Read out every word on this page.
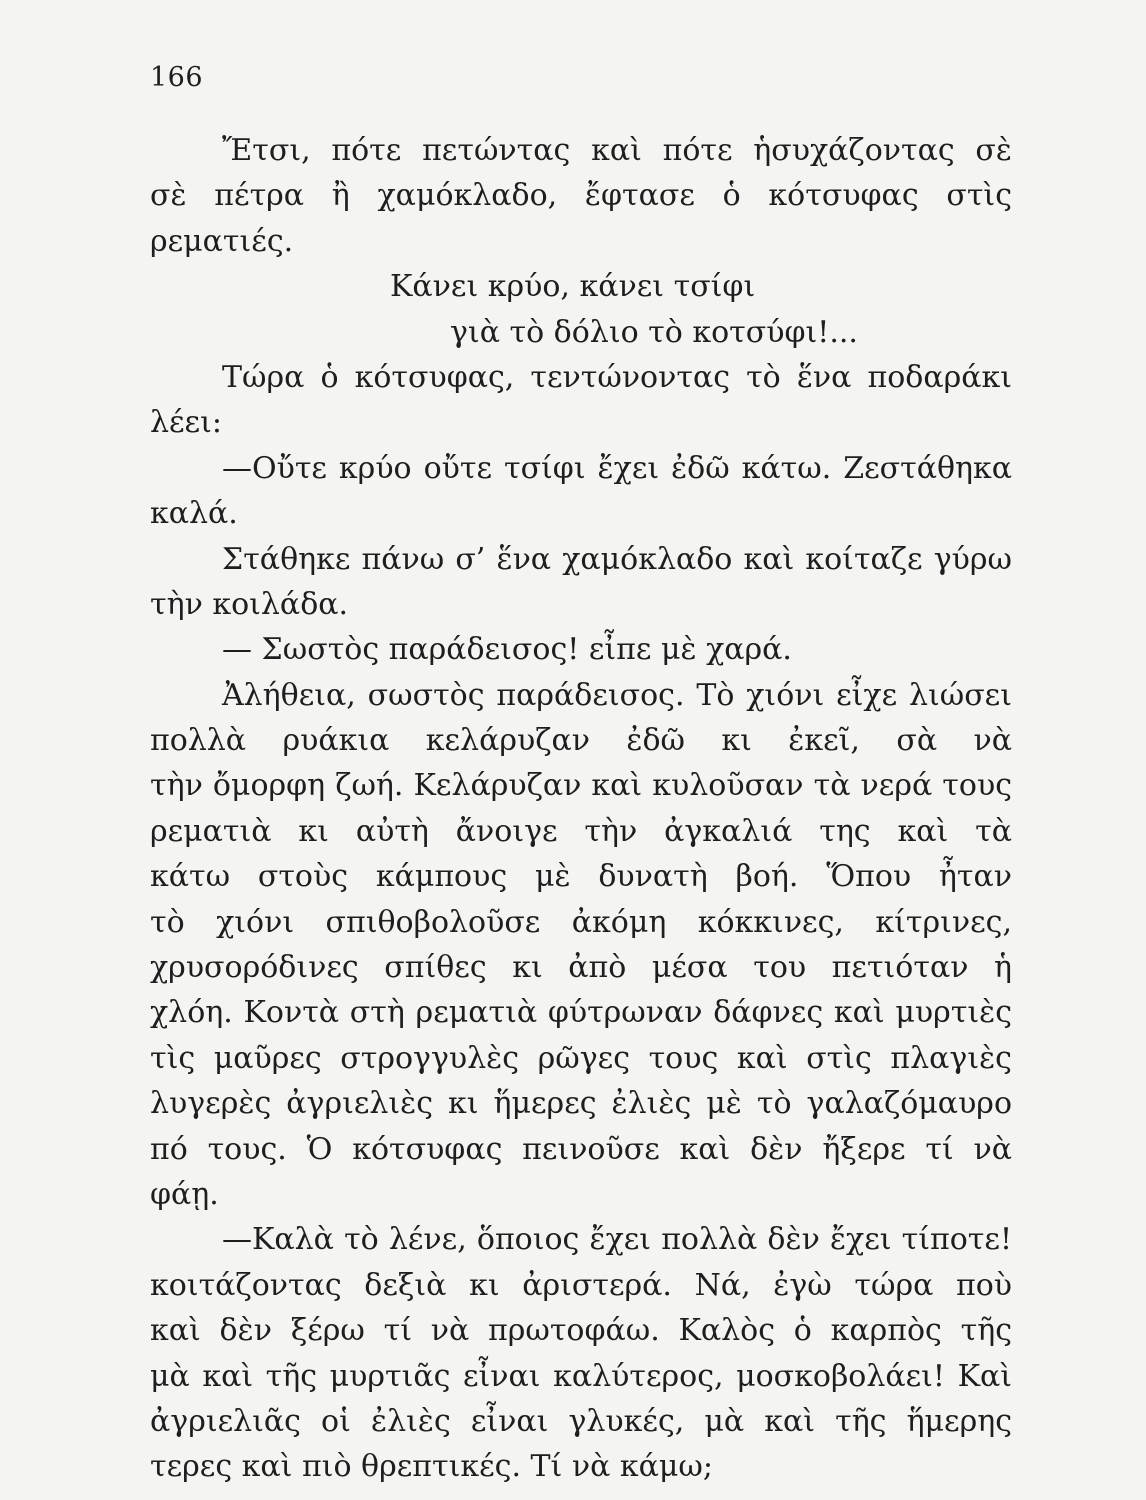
166
Ἔτσι, πότε πετώντας καὶ πότε ἡσυχάζοντας σὲ
σὲ πέτρα ἢ χαμόκλαδο, ἔφτασε ὁ κότσυφας στὶς
ρεματιές.
Κάνει κρύο, κάνει τσίφι
γιὰ τὸ δόλιο τὸ κοτσύφι!...
Τώρα ὁ κότσυφας, τεντώνοντας τὸ ἕνα ποδαράκι
λέει:
—Οὔτε κρύο οὔτε τσίφι ἔχει ἐδῶ κάτω. Ζεστάθηκα
καλά.
Στάθηκε πάνω σ’ ἕνα χαμόκλαδο καὶ κοίταζε γύρω
τὴν κοιλάδα.
— Σωστὸς παράδεισος! εἶπε μὲ χαρά.
Ἀλήθεια, σωστὸς παράδεισος. Τὸ χιόνι εἶχε λιώσει
πολλὰ ρυάκια κελάρυζαν ἐδῶ κι ἐκεῖ, σὰ νὰ
τὴν ὄμορφη ζωή. Κελάρυζαν καὶ κυλοῦσαν τὰ νερά τους
ρεματιὰ κι αὐτὴ ἄνοιγε τὴν ἀγκαλιά της καὶ τὰ
κάτω στοὺς κάμπους μὲ δυνατὴ βοή. Ὅπου ἦταν
τὸ χιόνι σπιθοβολοῦσε ἀκόμη κόκκινες, κίτρινες,
χρυσορόδινες σπίθες κι ἀπὸ μέσα του πετιόταν ἡ
χλόη. Κοντὰ στὴ ρεματιὰ φύτρωναν δάφνες καὶ μυρτιὲς
τὶς μαῦρες στρογγυλὲς ρῶγες τους καὶ στὶς πλαγιὲς
λυγερὲς ἀγριελιὲς κι ἥμερες ἐλιὲς μὲ τὸ γαλαζόμαυρο
πό τους. Ὁ κότσυφας πεινοῦσε καὶ δὲν ἤξερε τί νὰ
φάῃ.
—Καλὰ τὸ λένε, ὅποιος ἔχει πολλὰ δὲν ἔχει τίποτε!
κοιτάζοντας δεξιὰ κι ἀριστερά. Νά, ἐγὼ τώρα ποὺ
καὶ δὲν ξέρω τί νὰ πρωτοφάω. Καλὸς ὁ καρπὸς τῆς
μὰ καὶ τῆς μυρτιᾶς εἶναι καλύτερος, μοσκοβολάει! Καὶ
ἀγριελιᾶς οἱ ἐλιὲς εἶναι γλυκές, μὰ καὶ τῆς ἥμερης
τερες καὶ πιὸ θρεπτικές. Τί νὰ κάμω;
